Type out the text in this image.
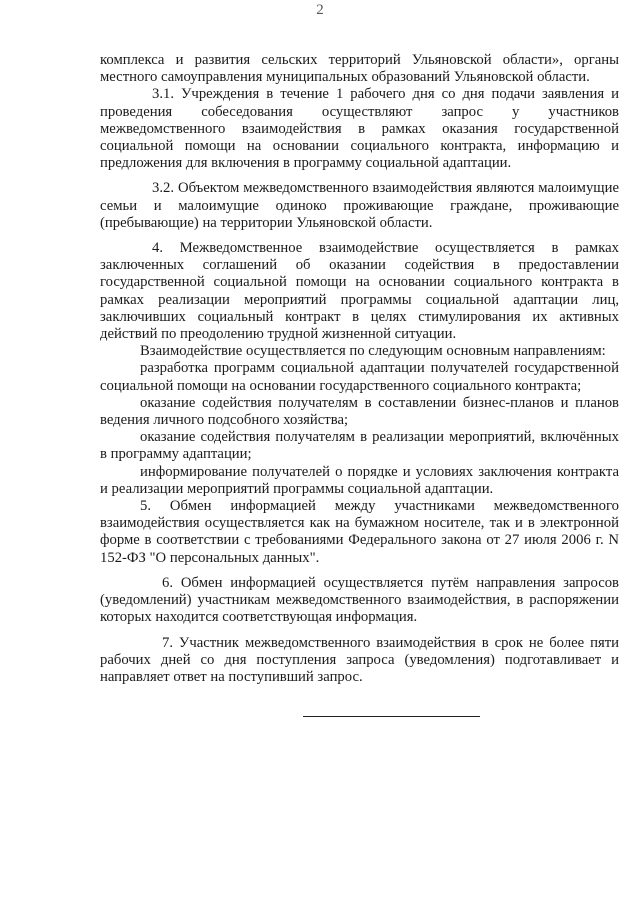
2

комплекса и развития сельских территорий Ульяновской области», органы местного самоуправления муниципальных образований Ульяновской области.

3.1. Учреждения в течение 1 рабочего дня со дня подачи заявления и проведения собеседования осуществляют запрос у участников межведомственного взаимодействия в рамках оказания государственной социальной помощи на основании социального контракта, информацию и предложения для включения в программу социальной адаптации.

3.2. Объектом межведомственного взаимодействия являются малоимущие семьи и малоимущие одиноко проживающие граждане, проживающие (пребывающие) на территории Ульяновской области.

4. Межведомственное взаимодействие осуществляется в рамках заключенных соглашений об оказании содействия в предоставлении государственной социальной помощи на основании социального контракта в рамках реализации мероприятий программы социальной адаптации лиц, заключивших социальный контракт в целях стимулирования их активных действий по преодолению трудной жизненной ситуации.

Взаимодействие осуществляется по следующим основным направлениям:

разработка программ социальной адаптации получателей государственной социальной помощи на основании государственного социального контракта;

оказание содействия получателям в составлении бизнес-планов и планов ведения личного подсобного хозяйства;

оказание содействия получателям в реализации мероприятий, включённых в программу адаптации;

информирование получателей о порядке и условиях заключения контракта и реализации мероприятий программы социальной адаптации.

5. Обмен информацией между участниками межведомственного взаимодействия осуществляется как на бумажном носителе, так и в электронной форме в соответствии с требованиями Федерального закона от 27 июля 2006 г. N 152-ФЗ "О персональных данных".

6. Обмен информацией осуществляется путём направления запросов (уведомлений) участникам межведомственного взаимодействия, в распоряжении которых находится соответствующая информация.

7. Участник межведомственного взаимодействия в срок не более пяти рабочих дней со дня поступления запроса (уведомления) подготавливает и направляет ответ на поступивший запрос.
